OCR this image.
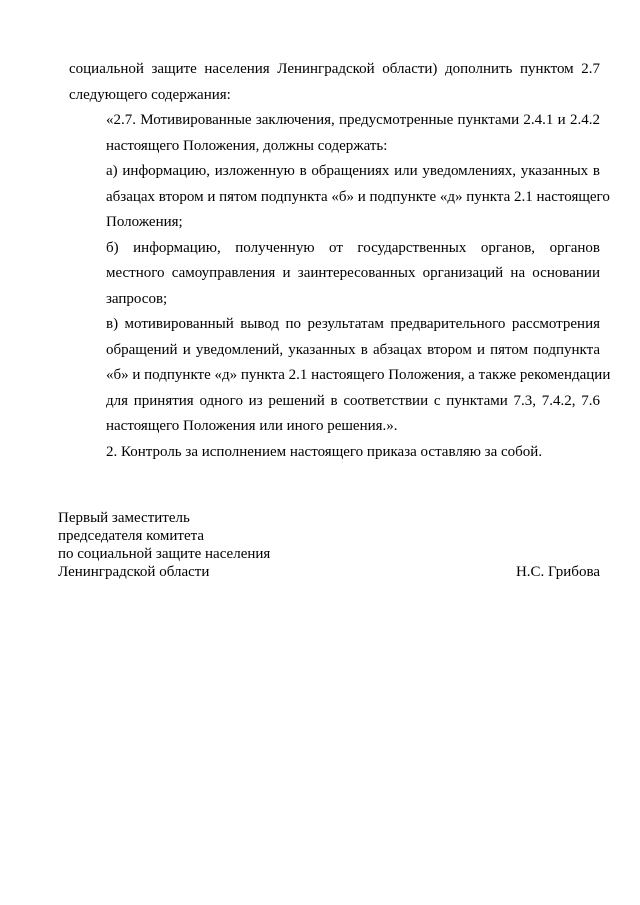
социальной защите населения Ленинградской области) дополнить пунктом 2.7
следующего содержания:

«2.7. Мотивированные заключения, предусмотренные пунктами 2.4.1 и 2.4.2
настоящего Положения, должны содержать:

а) информацию, изложенную в обращениях или уведомлениях, указанных в
абзацах втором и пятом подпункта «б» и подпункте «д» пункта 2.1 настоящего
Положения;

б) информацию, полученную от государственных органов, органов
местного самоуправления и заинтересованных организаций на основании
запросов;

в) мотивированный вывод по результатам предварительного рассмотрения
обращений и уведомлений, указанных в абзацах втором и пятом подпункта
«б» и подпункте «д» пункта 2.1 настоящего Положения, а также рекомендации
для принятия одного из решений в соответствии с пунктами 7.3, 7.4.2, 7.6
настоящего Положения или иного решения.».

2. Контроль за исполнением настоящего приказа оставляю за собой.

Первый заместитель
председателя комитета
по социальной защите населения
Ленинградской области	Н.С. Грибова
